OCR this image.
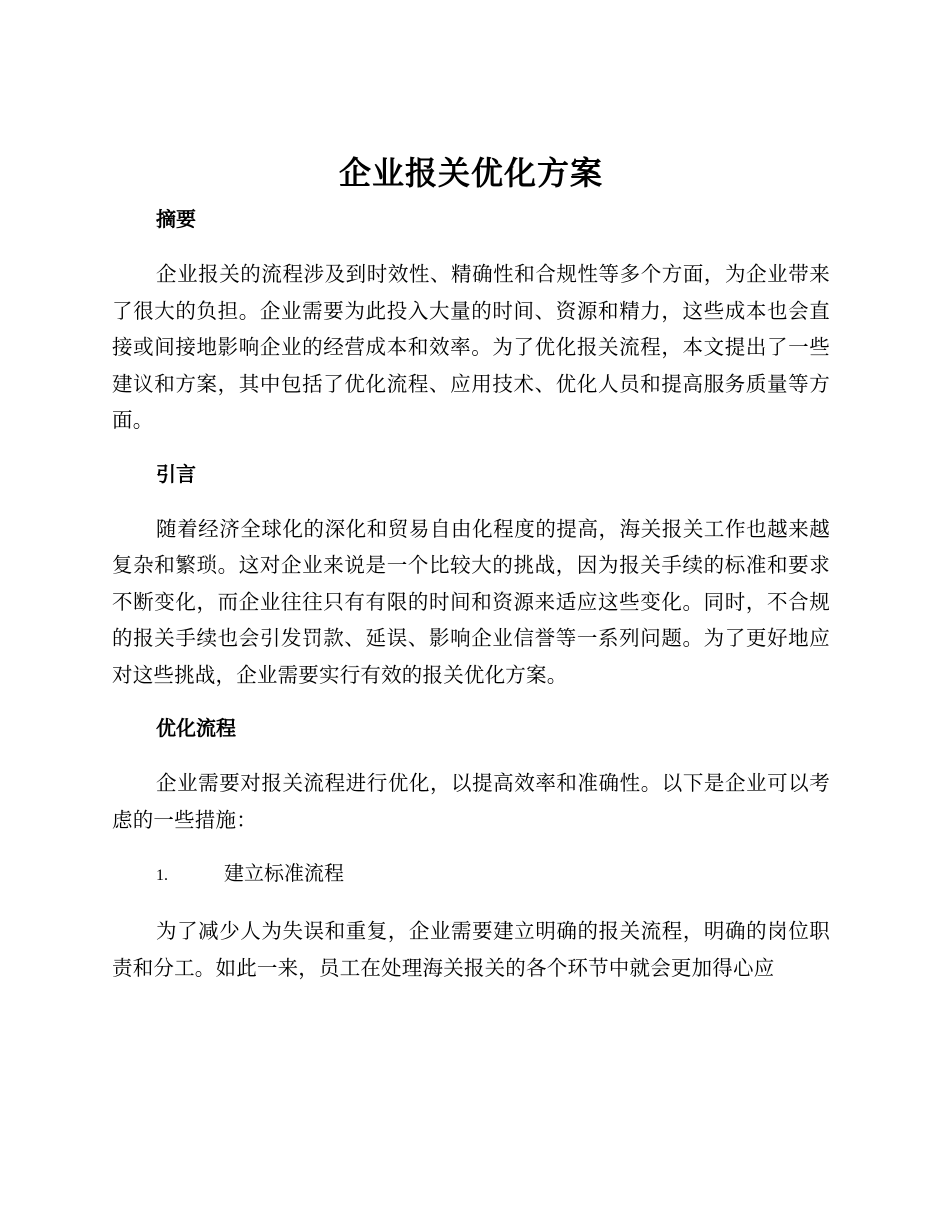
企业报关优化方案
摘要

企业报关的流程涉及到时效性、精确性和合规性等多个方面，为企业带来了很大的负担。企业需要为此投入大量的时间、资源和精力，这些成本也会直接或间接地影响企业的经营成本和效率。为了优化报关流程，本文提出了一些建议和方案，其中包括了优化流程、应用技术、优化人员和提高服务质量等方面。

引言

随着经济全球化的深化和贸易自由化程度的提高，海关报关工作也越来越复杂和繁琐。这对企业来说是一个比较大的挑战，因为报关手续的标准和要求不断变化，而企业往往只有有限的时间和资源来适应这些变化。同时，不合规的报关手续也会引发罚款、延误、影响企业信誉等一系列问题。为了更好地应对这些挑战，企业需要实行有效的报关优化方案。

优化流程

企业需要对报关流程进行优化，以提高效率和准确性。以下是企业可以考虑的一些措施：

1.	建立标准流程

为了减少人为失误和重复，企业需要建立明确的报关流程，明确的岗位职责和分工。如此一来，员工在处理海关报关的各个环节中就会更加得心应
